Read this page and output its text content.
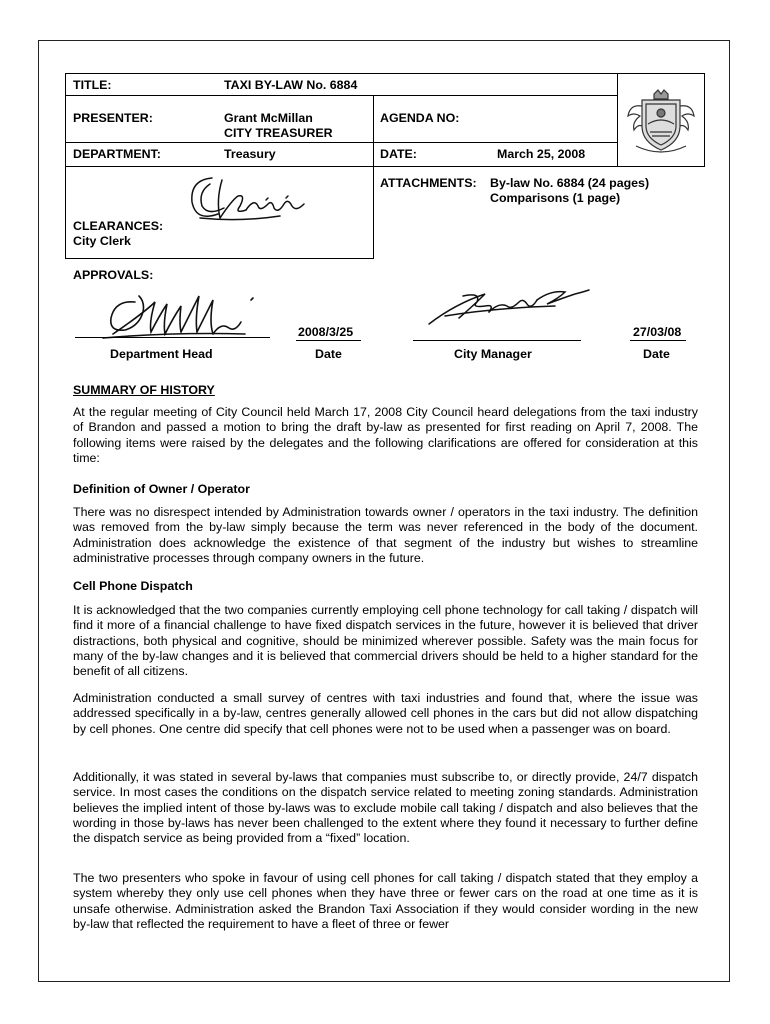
TITLE:	TAXI BY-LAW No. 6884
PRESENTER:	Grant McMillan
CITY TREASURER
AGENDA NO:
DEPARTMENT:	Treasury	DATE:	March 25, 2008
ATTACHMENTS: By-law No. 6884 (24 pages)
Comparisons (1 page)
CLEARANCES:
City Clerk
APPROVALS:
2008/3/25
Department Head	Date
27/03/08
City Manager	Date
SUMMARY OF HISTORY

At the regular meeting of City Council held March 17, 2008 City Council heard delegations from the taxi industry of Brandon and passed a motion to bring the draft by-law as presented for first reading on April 7, 2008. The following items were raised by the delegates and the following clarifications are offered for consideration at this time:

Definition of Owner / Operator

There was no disrespect intended by Administration towards owner / operators in the taxi industry. The definition was removed from the by-law simply because the term was never referenced in the body of the document. Administration does acknowledge the existence of that segment of the industry but wishes to streamline administrative processes through company owners in the future.

Cell Phone Dispatch

It is acknowledged that the two companies currently employing cell phone technology for call taking / dispatch will find it more of a financial challenge to have fixed dispatch services in the future, however it is believed that driver distractions, both physical and cognitive, should be minimized wherever possible. Safety was the main focus for many of the by-law changes and it is believed that commercial drivers should be held to a higher standard for the benefit of all citizens.

Administration conducted a small survey of centres with taxi industries and found that, where the issue was addressed specifically in a by-law, centres generally allowed cell phones in the cars but did not allow dispatching by cell phones. One centre did specify that cell phones were not to be used when a passenger was on board.

Additionally, it was stated in several by-laws that companies must subscribe to, or directly provide, 24/7 dispatch service. In most cases the conditions on the dispatch service related to meeting zoning standards. Administration believes the implied intent of those by-laws was to exclude mobile call taking / dispatch and also believes that the wording in those by-laws has never been challenged to the extent where they found it necessary to further define the dispatch service as being provided from a “fixed” location.

The two presenters who spoke in favour of using cell phones for call taking / dispatch stated that they employ a system whereby they only use cell phones when they have three or fewer cars on the road at one time as it is unsafe otherwise. Administration asked the Brandon Taxi Association if they would consider wording in the new by-law that reflected the requirement to have a fleet of three or fewer
